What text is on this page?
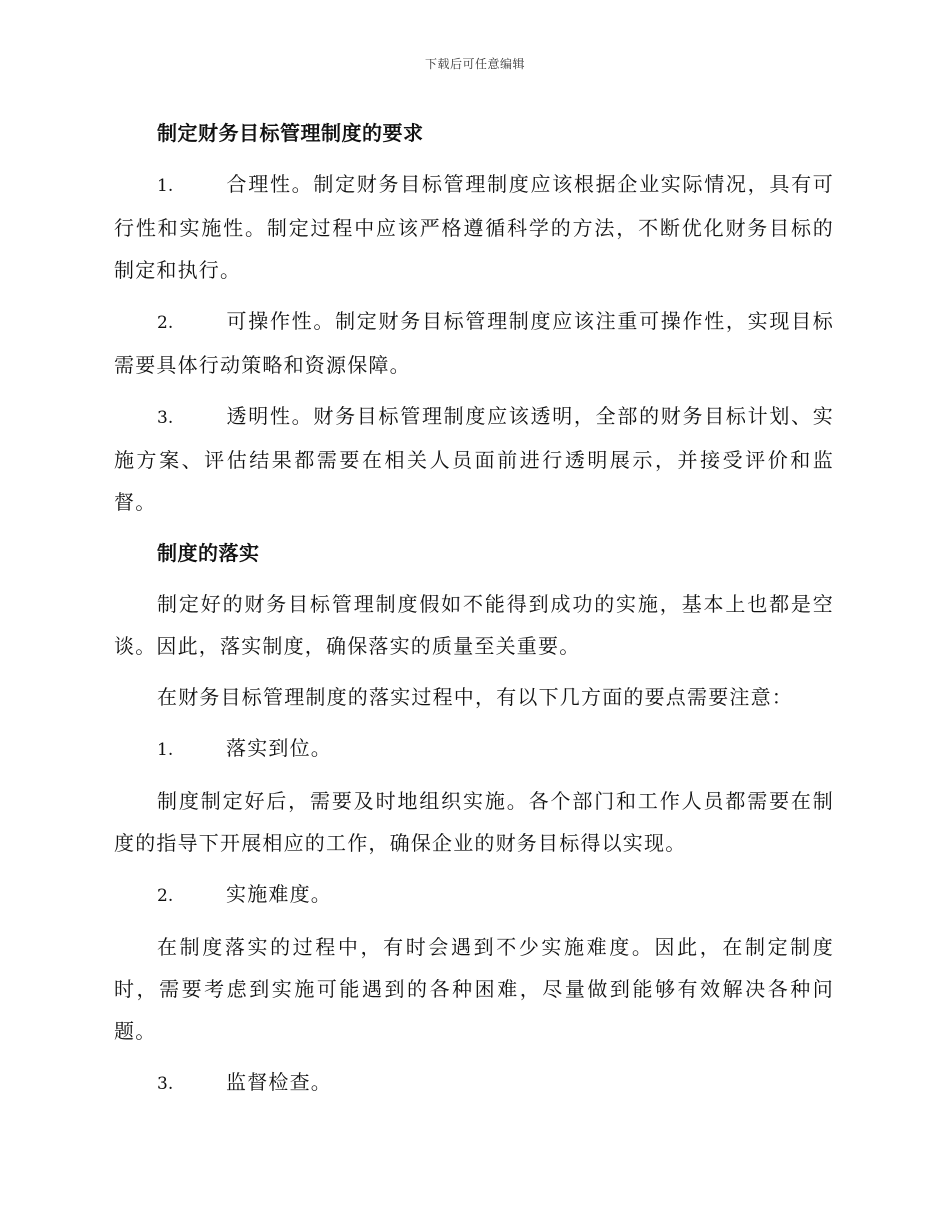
下载后可任意编辑

制定财务目标管理制度的要求

1.	合理性。制定财务目标管理制度应该根据企业实际情况，具有可行性和实施性。制定过程中应该严格遵循科学的方法，不断优化财务目标的制定和执行。

2.	可操作性。制定财务目标管理制度应该注重可操作性，实现目标需要具体行动策略和资源保障。

3.	透明性。财务目标管理制度应该透明，全部的财务目标计划、实施方案、评估结果都需要在相关人员面前进行透明展示，并接受评价和监督。

制度的落实

制定好的财务目标管理制度假如不能得到成功的实施，基本上也都是空谈。因此，落实制度，确保落实的质量至关重要。

在财务目标管理制度的落实过程中，有以下几方面的要点需要注意：

1.	落实到位。

制度制定好后，需要及时地组织实施。各个部门和工作人员都需要在制度的指导下开展相应的工作，确保企业的财务目标得以实现。

2.	实施难度。

在制度落实的过程中，有时会遇到不少实施难度。因此，在制定制度时，需要考虑到实施可能遇到的各种困难，尽量做到能够有效解决各种问题。

3.	监督检查。
